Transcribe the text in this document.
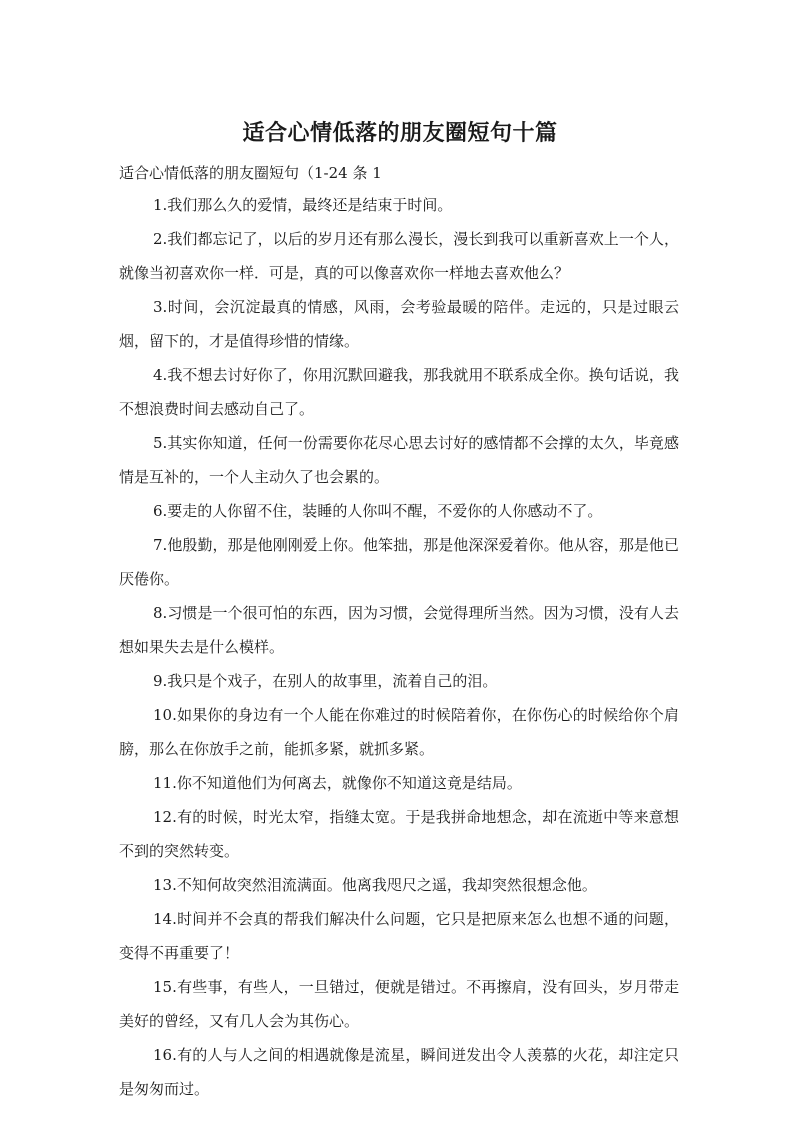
适合心情低落的朋友圈短句十篇
适合心情低落的朋友圈短句（1-24 条 1

1.我们那么久的爱情，最终还是结束于时间。

2.我们都忘记了，以后的岁月还有那么漫长，漫长到我可以重新喜欢上一个人，就像当初喜欢你一样．可是，真的可以像喜欢你一样地去喜欢他么？

3.时间，会沉淀最真的情感，风雨，会考验最暖的陪伴。走远的，只是过眼云烟，留下的，才是值得珍惜的情缘。

4.我不想去讨好你了，你用沉默回避我，那我就用不联系成全你。换句话说，我不想浪费时间去感动自己了。

5.其实你知道，任何一份需要你花尽心思去讨好的感情都不会撑的太久，毕竟感情是互补的，一个人主动久了也会累的。

6.要走的人你留不住，装睡的人你叫不醒，不爱你的人你感动不了。

7.他殷勤，那是他刚刚爱上你。他笨拙，那是他深深爱着你。他从容，那是他已厌倦你。

8.习惯是一个很可怕的东西，因为习惯，会觉得理所当然。因为习惯，没有人去想如果失去是什么模样。

9.我只是个戏子，在别人的故事里，流着自己的泪。

10.如果你的身边有一个人能在你难过的时候陪着你，在你伤心的时候给你个肩膀，那么在你放手之前，能抓多紧，就抓多紧。

11.你不知道他们为何离去，就像你不知道这竟是结局。

12.有的时候，时光太窄，指缝太宽。于是我拼命地想念，却在流逝中等来意想不到的突然转变。

13.不知何故突然泪流满面。他离我咫尺之遥，我却突然很想念他。

14.时间并不会真的帮我们解决什么问题，它只是把原来怎么也想不通的问题，变得不再重要了！

15.有些事，有些人，一旦错过，便就是错过。不再擦肩，没有回头，岁月带走美好的曾经，又有几人会为其伤心。

16.有的人与人之间的相遇就像是流星，瞬间迸发出令人羡慕的火花，却注定只是匆匆而过。
